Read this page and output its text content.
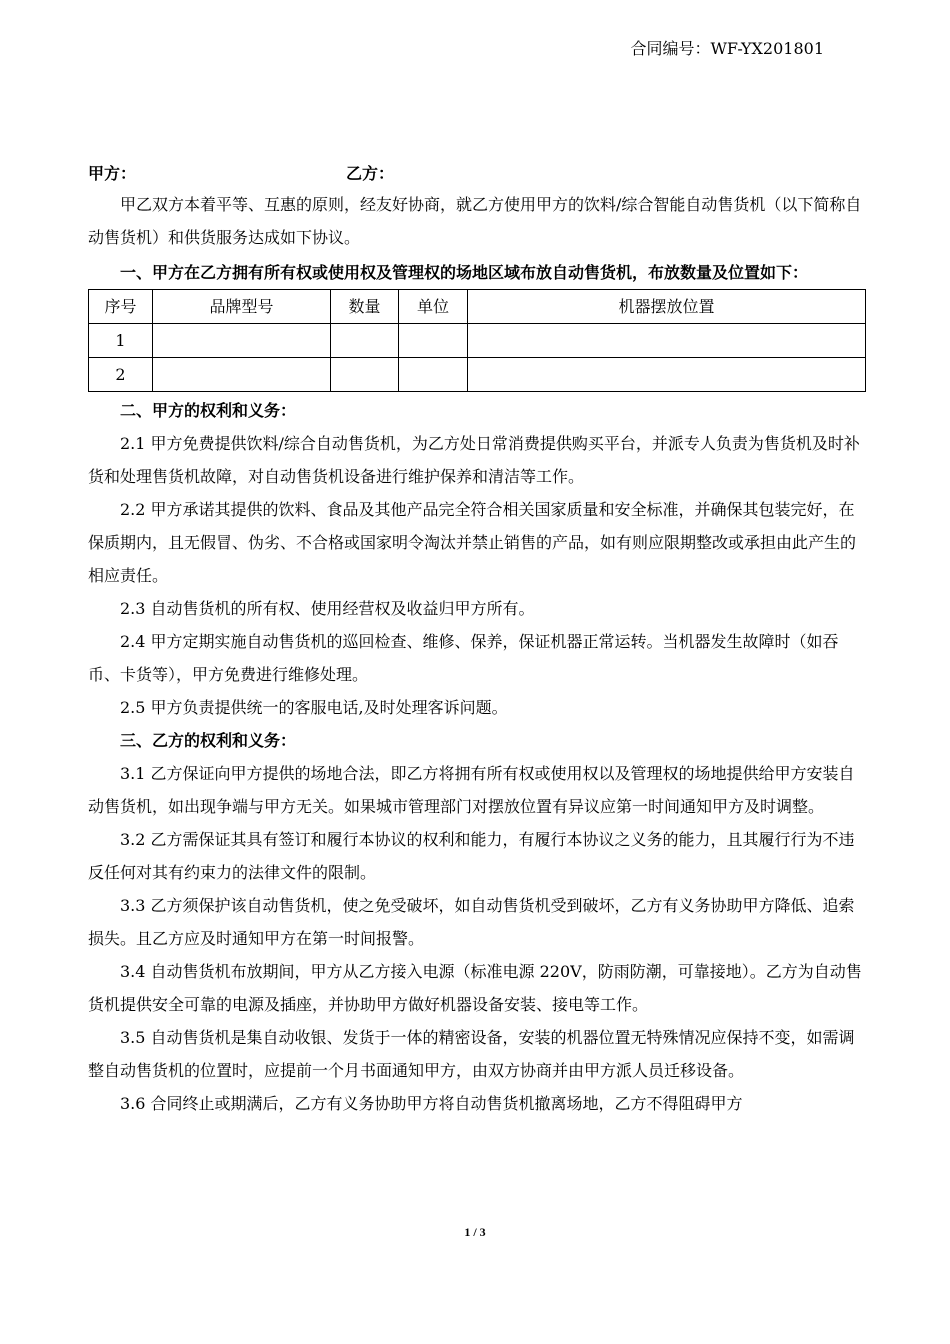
合同编号：WF-YX201801
甲方：	乙方：

甲乙双方本着平等、互惠的原则，经友好协商，就乙方使用甲方的饮料/综合智能自动售货机（以下简称自动售货机）和供货服务达成如下协议。

一、甲方在乙方拥有所有权或使用权及管理权的场地区域布放自动售货机，布放数量及位置如下：

序号	品牌型号	数量	单位	机器摆放位置
1				
2				

二、甲方的权利和义务：

2.1 甲方免费提供饮料/综合自动售货机，为乙方处日常消费提供购买平台，并派专人负责为售货机及时补货和处理售货机故障，对自动售货机设备进行维护保养和清洁等工作。

2.2 甲方承诺其提供的饮料、食品及其他产品完全符合相关国家质量和安全标准，并确保其包装完好，在保质期内，且无假冒、伪劣、不合格或国家明令淘汰并禁止销售的产品，如有则应限期整改或承担由此产生的相应责任。

2.3 自动售货机的所有权、使用经营权及收益归甲方所有。

2.4 甲方定期实施自动售货机的巡回检查、维修、保养，保证机器正常运转。当机器发生故障时（如吞币、卡货等），甲方免费进行维修处理。

2.5 甲方负责提供统一的客服电话,及时处理客诉问题。

三、乙方的权利和义务：

3.1 乙方保证向甲方提供的场地合法，即乙方将拥有所有权或使用权以及管理权的场地提供给甲方安装自动售货机，如出现争端与甲方无关。如果城市管理部门对摆放位置有异议应第一时间通知甲方及时调整。

3.2 乙方需保证其具有签订和履行本协议的权利和能力，有履行本协议之义务的能力，且其履行行为不违反任何对其有约束力的法律文件的限制。

3.3 乙方须保护该自动售货机，使之免受破坏，如自动售货机受到破坏，乙方有义务协助甲方降低、追索损失。且乙方应及时通知甲方在第一时间报警。

3.4 自动售货机布放期间，甲方从乙方接入电源（标准电源 220V，防雨防潮，可靠接地）。乙方为自动售货机提供安全可靠的电源及插座，并协助甲方做好机器设备安装、接电等工作。

3.5 自动售货机是集自动收银、发货于一体的精密设备，安装的机器位置无特殊情况应保持不变，如需调整自动售货机的位置时，应提前一个月书面通知甲方，由双方协商并由甲方派人员迁移设备。

3.6 合同终止或期满后，乙方有义务协助甲方将自动售货机撤离场地，乙方不得阻碍甲方

1 / 3
